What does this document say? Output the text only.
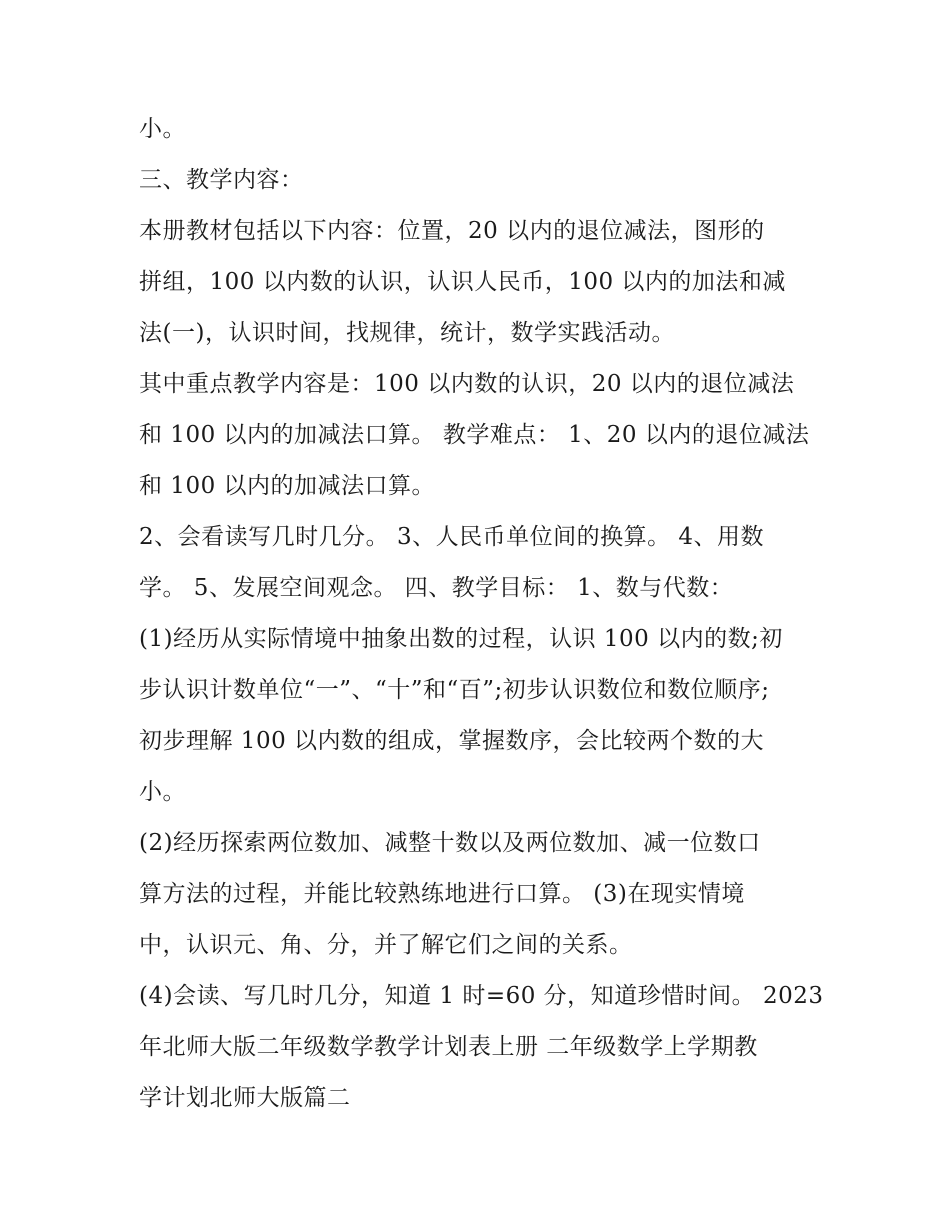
小。
三、教学内容：
本册教材包括以下内容：位置，20 以内的退位减法，图形的
拼组，100 以内数的认识，认识人民币，100 以内的加法和减
法(一)，认识时间，找规律，统计，数学实践活动。
其中重点教学内容是：100 以内数的认识，20 以内的退位减法
和 100 以内的加减法口算。 教学难点： 1、20 以内的退位减法
和 100 以内的加减法口算。
2、会看读写几时几分。 3、人民币单位间的换算。 4、用数
学。 5、发展空间观念。 四、教学目标： 1、数与代数：
(1)经历从实际情境中抽象出数的过程，认识 100 以内的数;初
步认识计数单位“一”、“十”和“百”;初步认识数位和数位顺序;
初步理解 100 以内数的组成，掌握数序，会比较两个数的大
小。
(2)经历探索两位数加、减整十数以及两位数加、减一位数口
算方法的过程，并能比较熟练地进行口算。 (3)在现实情境
中，认识元、角、分，并了解它们之间的关系。
(4)会读、写几时几分，知道 1 时=60 分，知道珍惜时间。 2023
年北师大版二年级数学教学计划表上册 二年级数学上学期教
学计划北师大版篇二
